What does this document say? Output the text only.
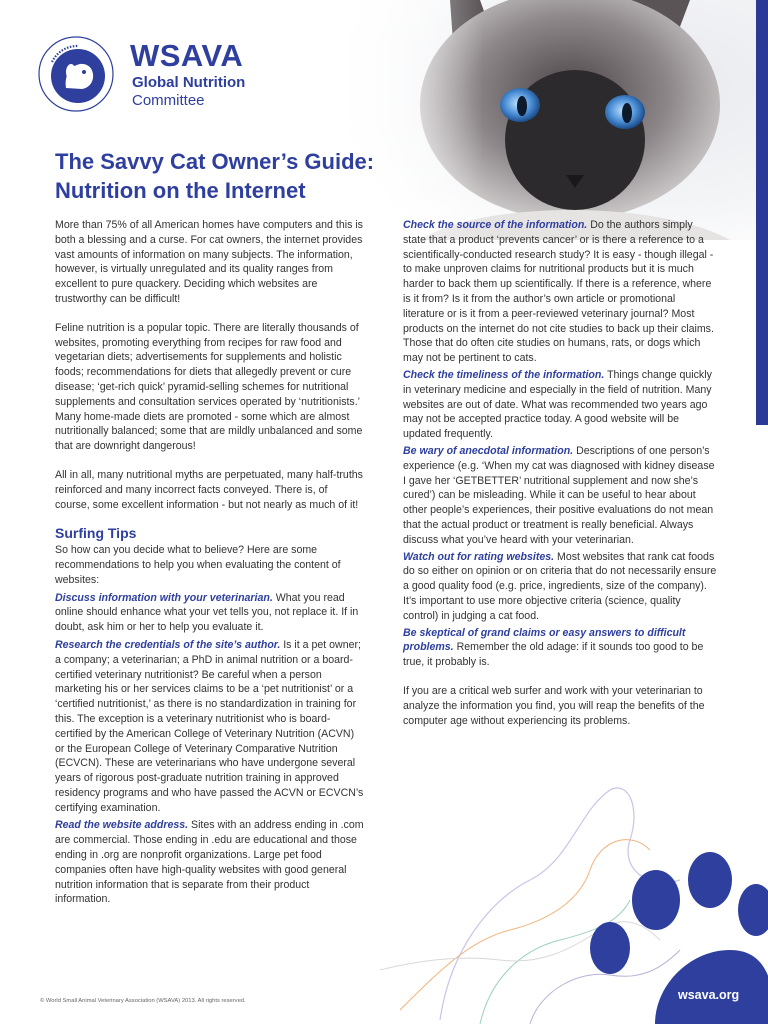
WSAVA
Global Nutrition
Committee
The Savvy Cat Owner’s Guide:
Nutrition on the Internet

More than 75% of all American homes have computers and this is both a blessing and a curse. For cat owners, the internet provides vast amounts of information on many subjects. The information, however, is virtually unregulated and its quality ranges from excellent to pure quackery. Deciding which websites are trustworthy can be difficult!

Feline nutrition is a popular topic. There are literally thousands of websites, promoting everything from recipes for raw food and vegetarian diets; advertisements for supplements and holistic foods; recommendations for diets that allegedly prevent or cure disease; ‘get-rich quick’ pyramid-selling schemes for nutritional supplements and consultation services operated by ‘nutritionists.’ Many home-made diets are promoted - some which are almost nutritionally balanced; some that are mildly unbalanced and some that are downright dangerous!

All in all, many nutritional myths are perpetuated, many half-truths reinforced and many incorrect facts conveyed. There is, of course, some excellent information - but not nearly as much of it!

Surfing Tips

So how can you decide what to believe? Here are some recommendations to help you when evaluating the content of websites:

Discuss information with your veterinarian. What you read online should enhance what your vet tells you, not replace it. If in doubt, ask him or her to help you evaluate it.

Research the credentials of the site’s author. Is it a pet owner; a company; a veterinarian; a PhD in animal nutrition or a board-certified veterinary nutritionist? Be careful when a person marketing his or her services claims to be a ‘pet nutritionist’ or a ‘certified nutritionist,’ as there is no standardization in training for this. The exception is a veterinary nutritionist who is board-certified by the American College of Veterinary Nutrition (ACVN) or the European College of Veterinary Comparative Nutrition (ECVCN). These are veterinarians who have undergone several years of rigorous post-graduate nutrition training in approved residency programs and who have passed the ACVN or ECVCN’s certifying examination.

Read the website address. Sites with an address ending in .com are commercial. Those ending in .edu are educational and those ending in .org are nonprofit organizations. Large pet food companies often have high-quality websites with good general nutrition information that is separate from their product information.

Check the source of the information. Do the authors simply state that a product ‘prevents cancer’ or is there a reference to a scientifically-conducted research study? It is easy - though illegal - to make unproven claims for nutritional products but it is much harder to back them up scientifically. If there is a reference, where is it from? Is it from the author’s own article or promotional literature or is it from a peer-reviewed veterinary journal? Most products on the internet do not cite studies to back up their claims. Those that do often cite studies on humans, rats, or dogs which may not be pertinent to cats.

Check the timeliness of the information. Things change quickly in veterinary medicine and especially in the field of nutrition. Many websites are out of date. What was recommended two years ago may not be accepted practice today. A good website will be updated frequently.

Be wary of anecdotal information. Descriptions of one person’s experience (e.g. ‘When my cat was diagnosed with kidney disease I gave her ‘GETBETTER’ nutritional supplement and now she’s cured’) can be misleading. While it can be useful to hear about other people’s experiences, their positive evaluations do not mean that the actual product or treatment is really beneficial. Always discuss what you’ve heard with your veterinarian.

Watch out for rating websites. Most websites that rank cat foods do so either on opinion or on criteria that do not necessarily ensure a good quality food (e.g. price, ingredients, size of the company). It’s important to use more objective criteria (science, quality control) in judging a cat food.

Be skeptical of grand claims or easy answers to difficult problems. Remember the old adage: if it sounds too good to be true, it probably is.

If you are a critical web surfer and work with your veterinarian to analyze the information you find, you will reap the benefits of the computer age without experiencing its problems.

© World Small Animal Veterinary Association (WSAVA) 2013. All rights reserved.	wsava.org
